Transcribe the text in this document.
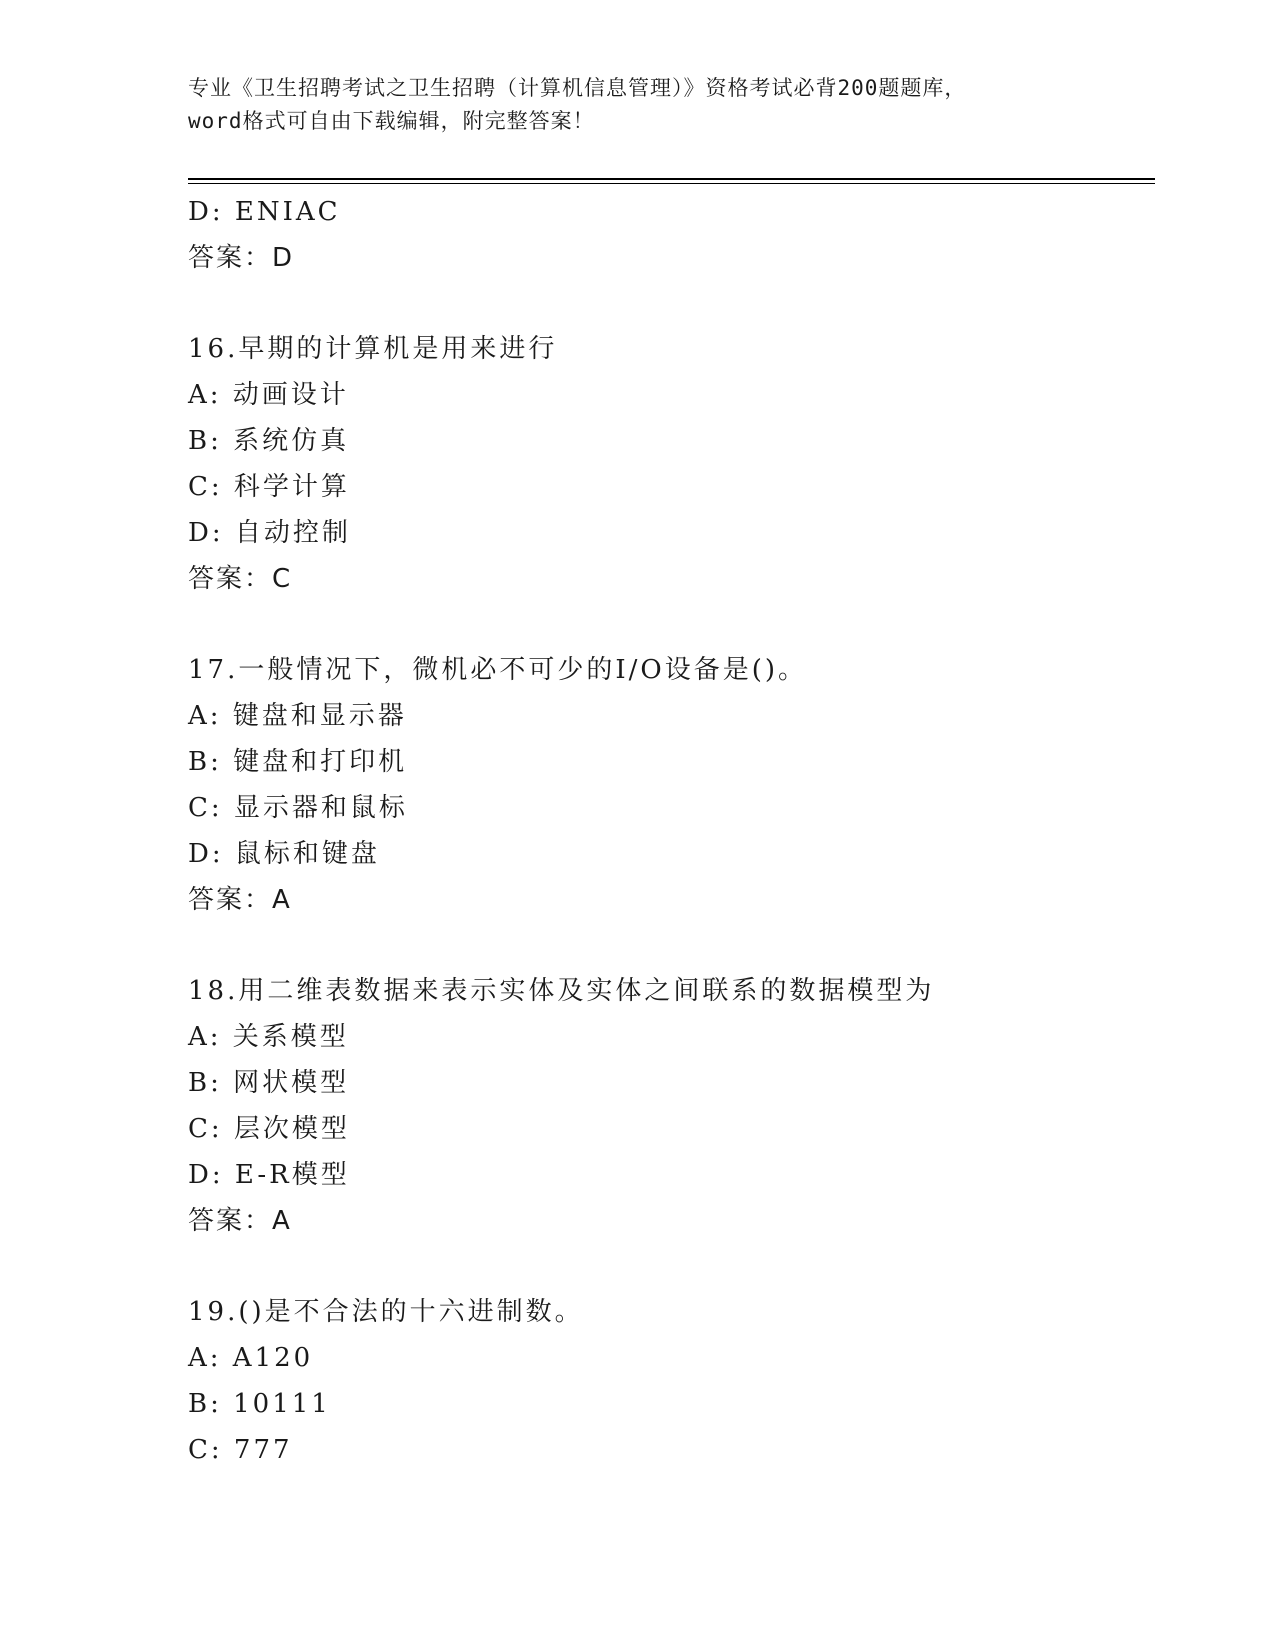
专业《卫生招聘考试之卫生招聘（计算机信息管理）》资格考试必背200题题库，
word格式可自由下载编辑，附完整答案！
D: ENIAC
答案：D
16.早期的计算机是用来进行
A: 动画设计
B: 系统仿真
C: 科学计算
D: 自动控制
答案：C
17.一般情况下，微机必不可少的I/O设备是()。
A: 键盘和显示器
B: 键盘和打印机
C: 显示器和鼠标
D: 鼠标和键盘
答案：A
18.用二维表数据来表示实体及实体之间联系的数据模型为
A: 关系模型
B: 网状模型
C: 层次模型
D: E-R模型
答案：A
19.()是不合法的十六进制数。
A: A120
B: 10111
C: 777
